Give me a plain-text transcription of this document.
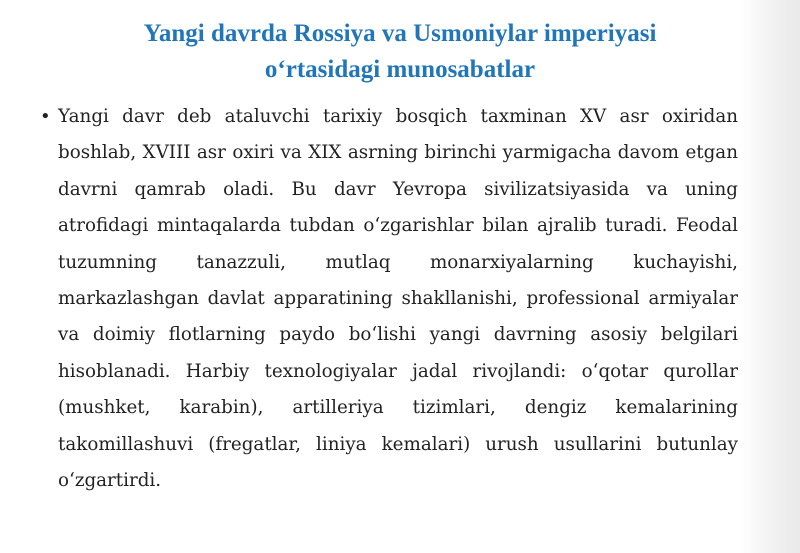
Yangi davrda Rossiya va Usmoniylar imperiyasi
o‘rtasidagi munosabatlar
• Yangi davr deb ataluvchi tarixiy bosqich taxminan XV asr oxiridan boshlab, XVIII asr oxiri va XIX asrning birinchi yarmigacha davom etgan davrni qamrab oladi. Bu davr Yevropa sivilizatsiyasida va uning atrofidagi mintaqalarda tubdan o‘zgarishlar bilan ajralib turadi. Feodal tuzumning tanazzuli, mutlaq monarxiyalarning kuchayishi, markazlashgan davlat apparatining shakllanishi, professional armiyalar va doimiy flotlarning paydo bo‘lishi yangi davrning asosiy belgilari hisoblanadi. Harbiy texnologiyalar jadal rivojlandi: o‘qotar qurollar (mushket, karabin), artilleriya tizimlari, dengiz kemalarining takomillashuvi (fregatlar, liniya kemalari) urush usullarini butunlay o‘zgartirdi.
